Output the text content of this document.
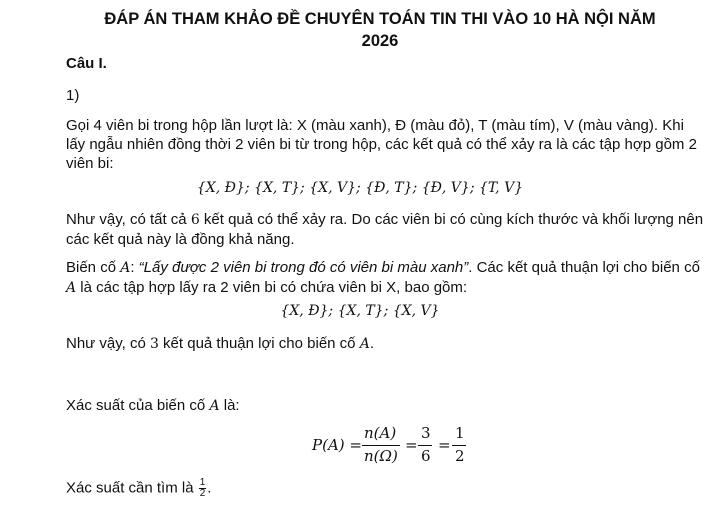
ĐÁP ÁN THAM KHẢO ĐỀ CHUYÊN TOÁN TIN THI VÀO 10 HÀ NỘI NĂM
2026
Câu I.
1)
Gọi 4 viên bi trong hộp lần lượt là: X (màu xanh), Đ (màu đỏ), T (màu tím), V (màu vàng). Khi lấy ngẫu nhiên đồng thời 2 viên bi từ trong hộp, các kết quả có thể xảy ra là các tập hợp gồm 2 viên bi:
{X, Đ}; {X, T}; {X, V}; {Đ, T}; {Đ, V}; {T, V}
Như vậy, có tất cả 6 kết quả có thể xảy ra. Do các viên bi có cùng kích thước và khối lượng nên các kết quả này là đồng khả năng.
Biến cố A: “Lấy được 2 viên bi trong đó có viên bi màu xanh”. Các kết quả thuận lợi cho biến cố A là các tập hợp lấy ra 2 viên bi có chứa viên bi X, bao gồm:
{X, Đ}; {X, T}; {X, V}
Như vậy, có 3 kết quả thuận lợi cho biến cố A.
Xác suất của biến cố A là:
P(A) =
n(A)
n(Ω)
=
3
6
=
1
2
Xác suất cần tìm là $\frac{1}{2}$ .
